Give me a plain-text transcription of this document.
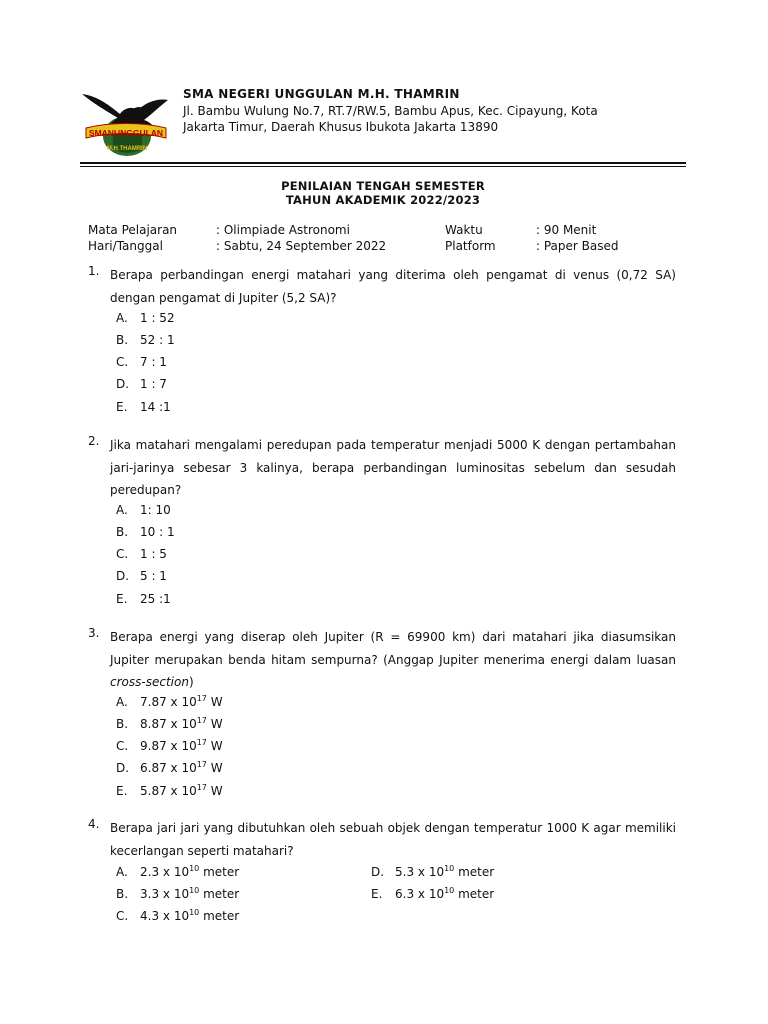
SMANUNGGULAN
M.H.THAMRIN
SMA NEGERI UNGGULAN M.H. THAMRIN
Jl. Bambu Wulung No.7, RT.7/RW.5, Bambu Apus, Kec. Cipayung, Kota
Jakarta Timur, Daerah Khusus Ibukota Jakarta 13890
PENILAIAN TENGAH SEMESTER
TAHUN AKADEMIK 2022/2023
Mata Pelajaran
Hari/Tanggal
: Olimpiade Astronomi
: Sabtu, 24 September 2022
Waktu
Platform
: 90 Menit
: Paper Based
1. Berapa perbandingan energi matahari yang diterima oleh pengamat di venus (0,72 SA) dengan pengamat di Jupiter (5,2 SA)?
A. 1 : 52
B. 52 : 1
C. 7 : 1
D. 1 : 7
E. 14 :1
2. Jika matahari mengalami peredupan pada temperatur menjadi 5000 K dengan pertambahan jari-jarinya sebesar 3 kalinya, berapa perbandingan luminositas sebelum dan sesudah peredupan?
A. 1: 10
B. 10 : 1
C. 1 : 5
D. 5 : 1
E. 25 :1
3. Berapa energi yang diserap oleh Jupiter (R = 69900 km) dari matahari jika diasumsikan Jupiter merupakan benda hitam sempurna? (Anggap Jupiter menerima energi dalam luasan cross-section)
A. 7.87 x $10^{17}$ W
B. 8.87 x $10^{17}$ W
C. 9.87 x $10^{17}$ W
D. 6.87 x $10^{17}$ W
E. 5.87 x $10^{17}$ W
4. Berapa jari jari yang dibutuhkan oleh sebuah objek dengan temperatur 1000 K agar memiliki kecerlangan seperti matahari?
A. 2.3 x $10^{10}$ meter
B. 3.3 x $10^{10}$ meter
C. 4.3 x $10^{10}$ meter
D. 5.3 x $10^{10}$ meter
E. 6.3 x $10^{10}$ meter
